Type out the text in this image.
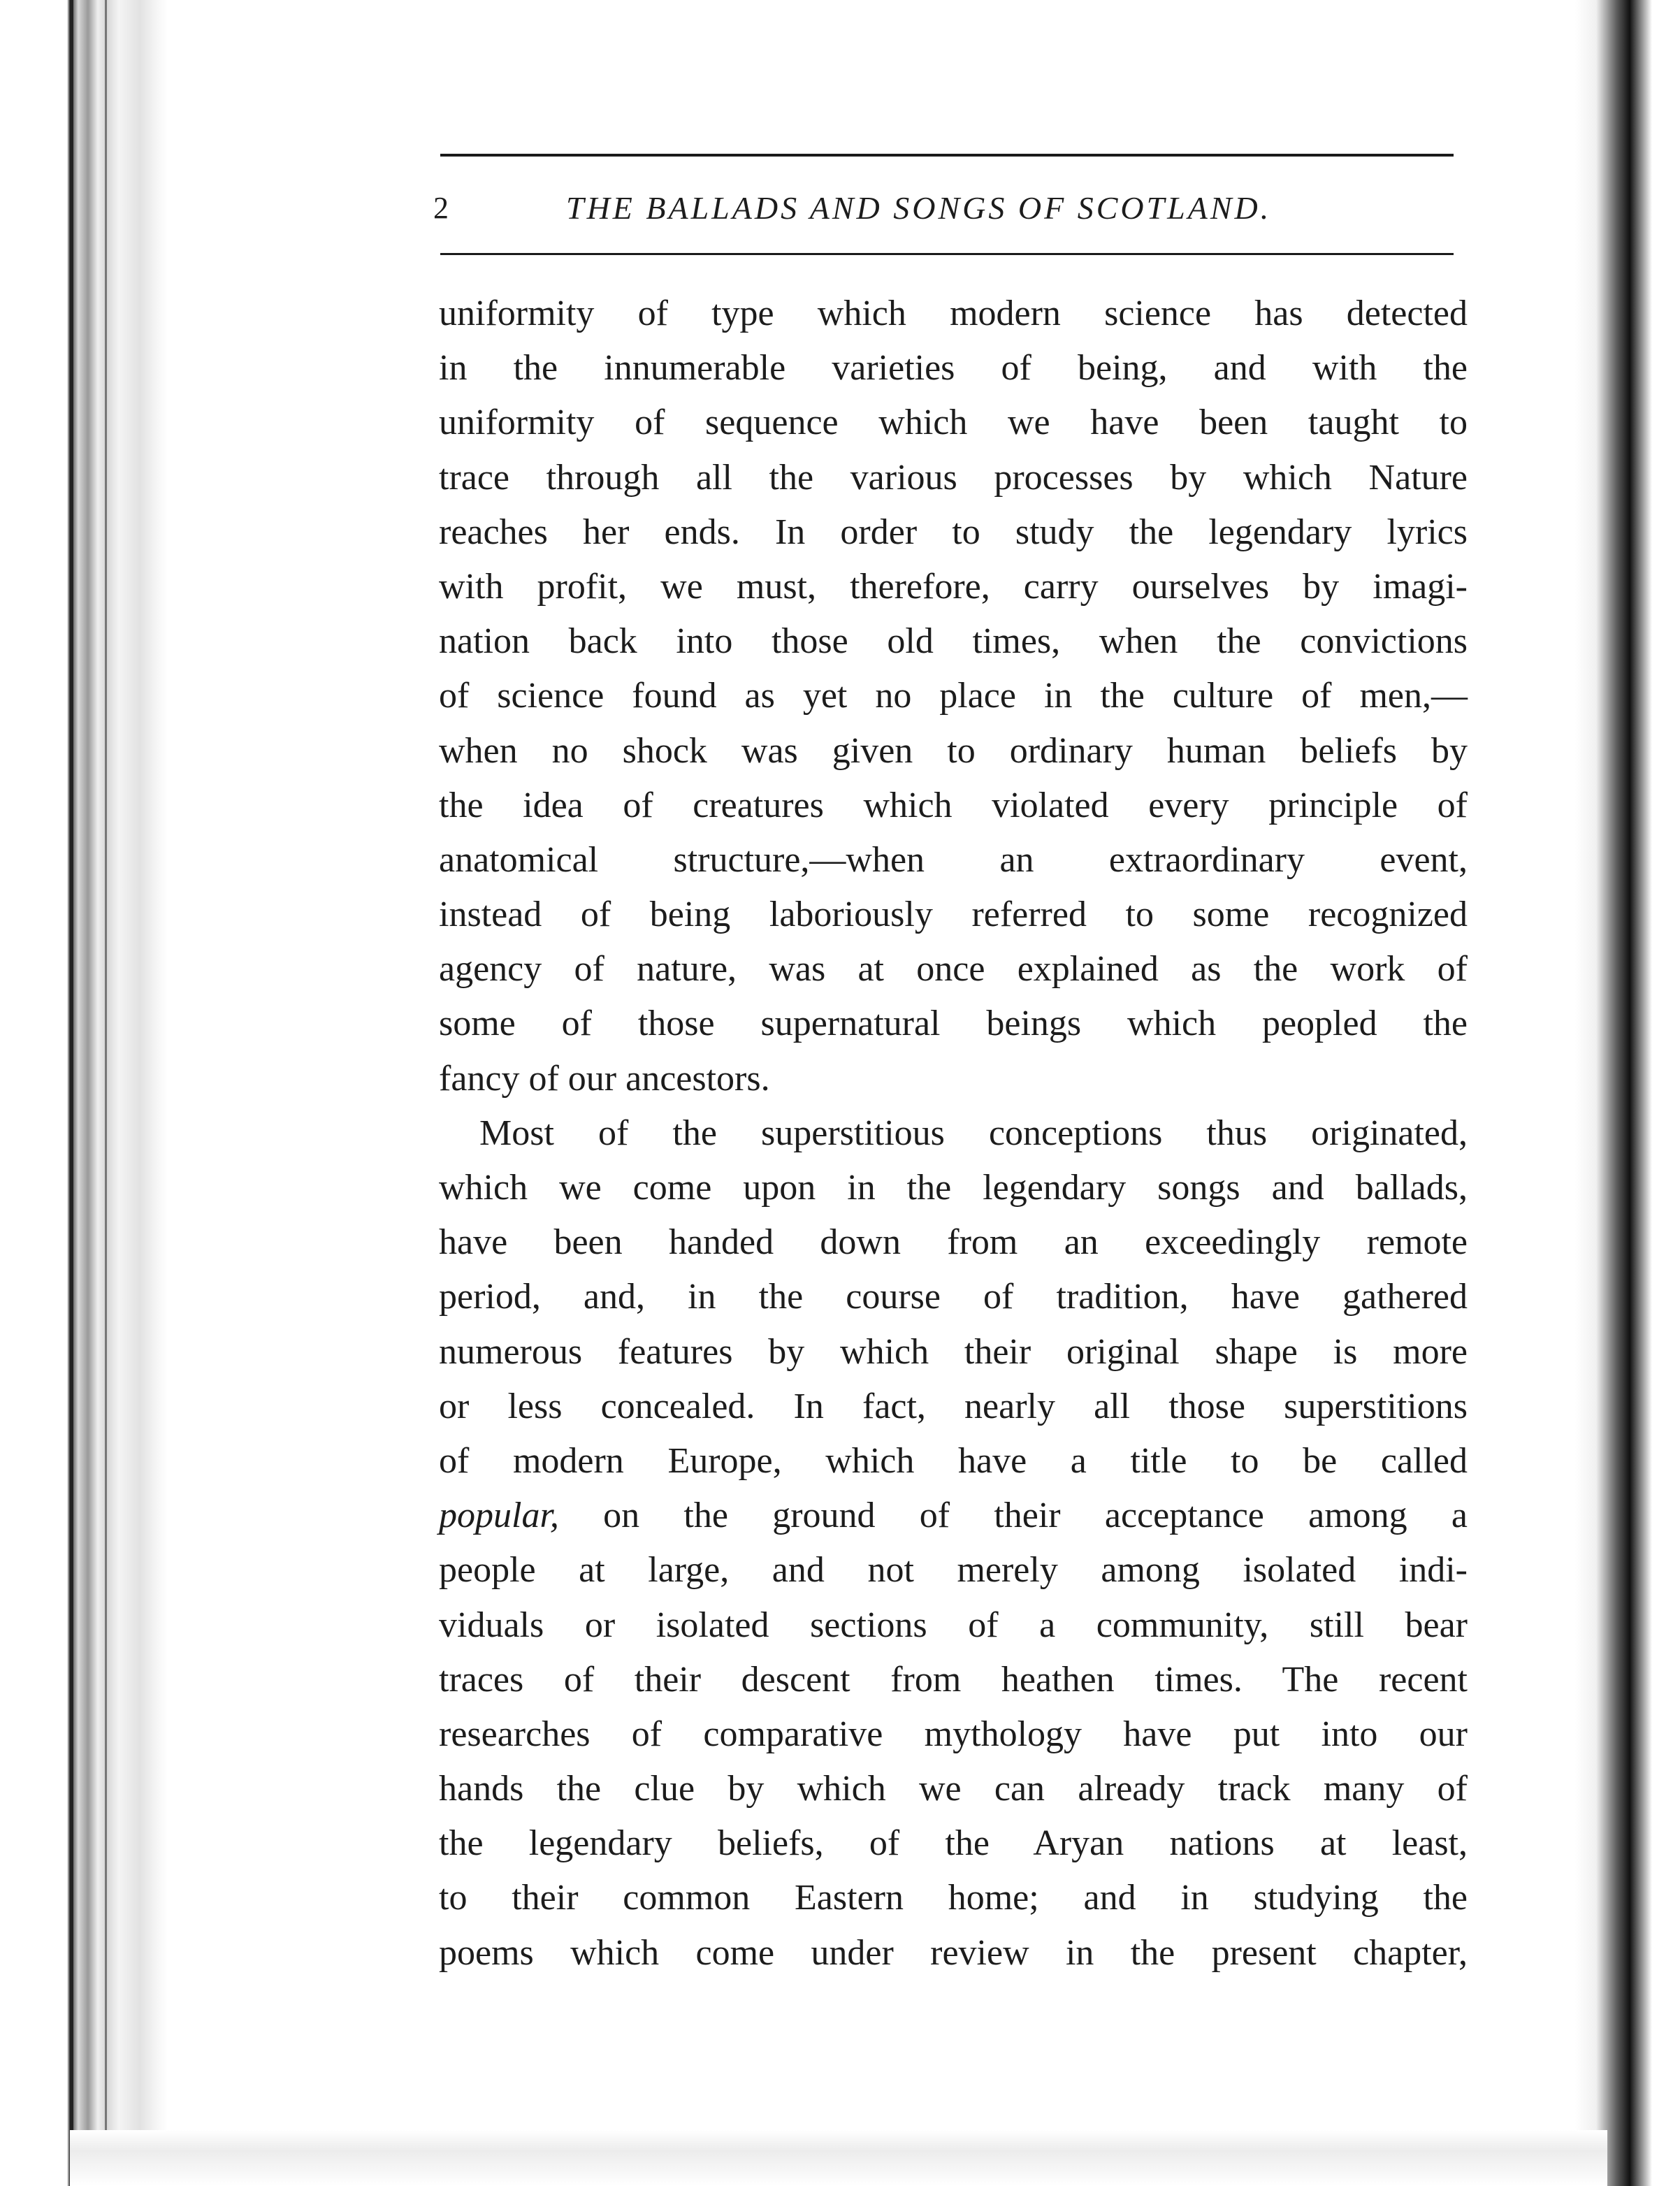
2	THE BALLADS AND SONGS OF SCOTLAND.
uniformity of type which modern science has detected
in the innumerable varieties of being, and with the
uniformity of sequence which we have been taught to
trace through all the various processes by which Nature
reaches her ends. In order to study the legendary lyrics
with profit, we must, therefore, carry ourselves by imagi-
nation back into those old times, when the convictions
of science found as yet no place in the culture of men,—
when no shock was given to ordinary human beliefs by
the idea of creatures which violated every principle of
anatomical structure,—when an extraordinary event,
instead of being laboriously referred to some recognized
agency of nature, was at once explained as the work of
some of those supernatural beings which peopled the
fancy of our ancestors.
Most of the superstitious conceptions thus originated,
which we come upon in the legendary songs and ballads,
have been handed down from an exceedingly remote
period, and, in the course of tradition, have gathered
numerous features by which their original shape is more
or less concealed. In fact, nearly all those superstitions
of modern Europe, which have a title to be called
popular, on the ground of their acceptance among a
people at large, and not merely among isolated indi-
viduals or isolated sections of a community, still bear
traces of their descent from heathen times. The recent
researches of comparative mythology have put into our
hands the clue by which we can already track many of
the legendary beliefs, of the Aryan nations at least,
to their common Eastern home; and in studying the
poems which come under review in the present chapter,
